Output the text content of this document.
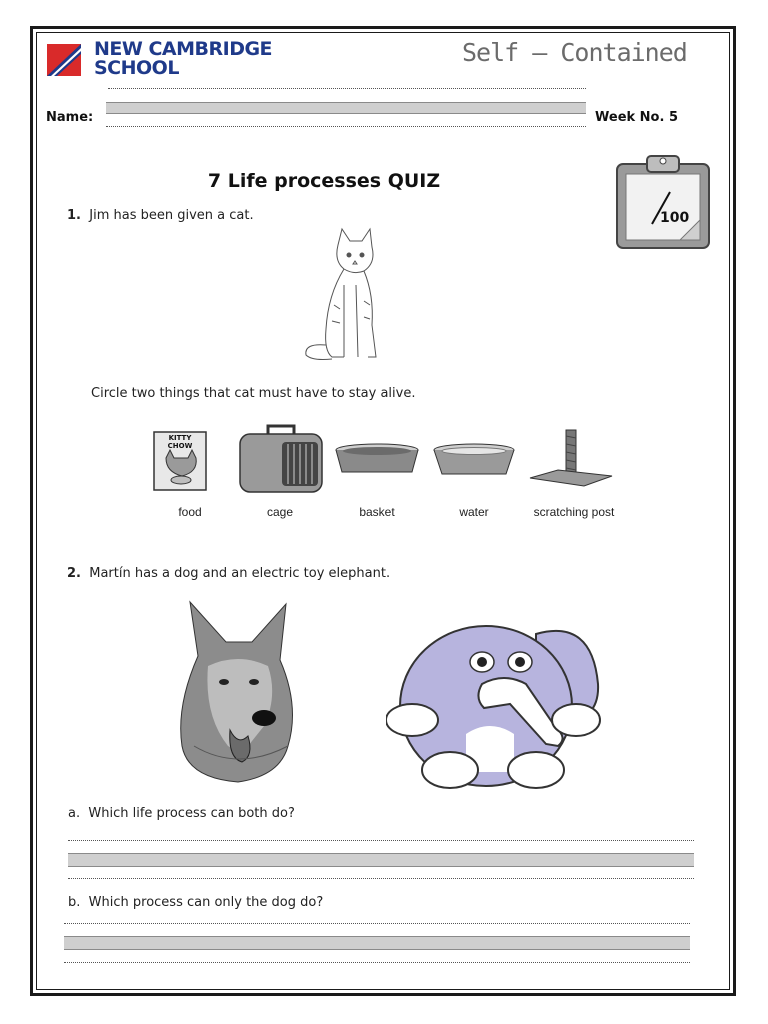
NEW CAMBRIDGE
SCHOOL
Self – Contained
Name:	Week No. 5
7 Life processes QUIZ
100
1. Jim has been given a cat.
Circle two things that cat must have to stay alive.
KITTY CHOW
food	cage	basket	water	scratching post
2. Martín has a dog and an electric toy elephant.
a. Which life process can both do?
b. Which process can only the dog do?
